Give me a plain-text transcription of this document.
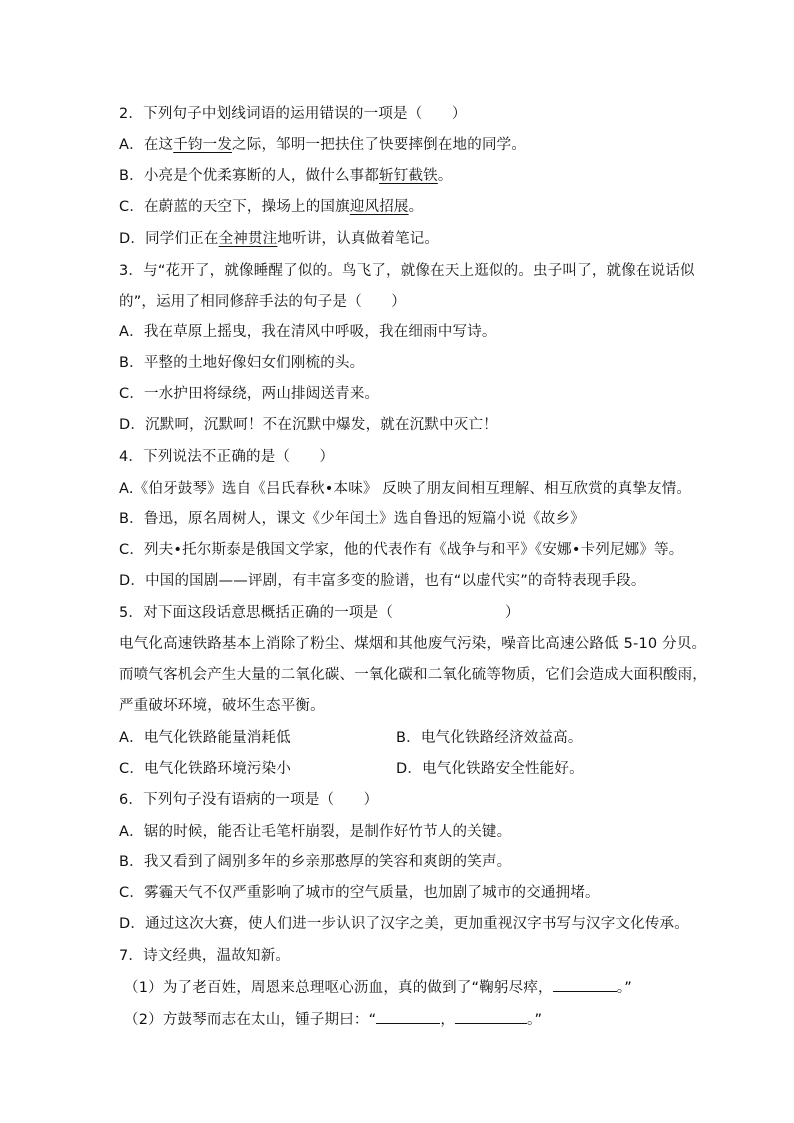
2．下列句子中划线词语的运用错误的一项是（　　）
A．在这千钧一发之际，邹明一把扶住了快要摔倒在地的同学。
B．小亮是个优柔寡断的人，做什么事都斩钉截铁。
C．在蔚蓝的天空下，操场上的国旗迎风招展。
D．同学们正在全神贯注地听讲，认真做着笔记。
3．与“花开了，就像睡醒了似的。鸟飞了，就像在天上逛似的。虫子叫了，就像在说话似
的”，运用了相同修辞手法的句子是（　　）
A．我在草原上摇曳，我在清风中呼吸，我在细雨中写诗。
B．平整的土地好像妇女们刚梳的头。
C．一水护田将绿绕，两山排闼送青来。
D．沉默呵，沉默呵！不在沉默中爆发，就在沉默中灭亡！
4．下列说法不正确的是（　　）
A.《伯牙鼓琴》选自《吕氏春秋•本味》 反映了朋友间相互理解、相互欣赏的真挚友情。
B．鲁迅，原名周树人，课文《少年闰土》选自鲁迅的短篇小说《故乡》
C．列夫•托尔斯泰是俄国文学家，他的代表作有《战争与和平》《安娜•卡列尼娜》等。
D．中国的国剧——评剧，有丰富多变的脸谱，也有“以虚代实”的奇特表现手段。
5．对下面这段话意思概括正确的一项是（	）
电气化高速铁路基本上消除了粉尘、煤烟和其他废气污染，噪音比高速公路低 5-10 分贝。
而喷气客机会产生大量的二氧化碳、一氧化碳和二氧化硫等物质，它们会造成大面积酸雨，
严重破坏环境，破坏生态平衡。
A．电气化铁路能量消耗低	B．电气化铁路经济效益高。
C．电气化铁路环境污染小	D．电气化铁路安全性能好。
6．下列句子没有语病的一项是（　　）
A．锯的时候，能否让毛笔杆崩裂，是制作好竹节人的关键。
B．我又看到了阔别多年的乡亲那憨厚的笑容和爽朗的笑声。
C．雾霾天气不仅严重影响了城市的空气质量，也加剧了城市的交通拥堵。
D．通过这次大赛，使人们进一步认识了汉字之美，更加重视汉字书写与汉字文化传承。
7．诗文经典，温故知新。
（1）为了老百姓，周恩来总理呕心沥血，真的做到了“鞠躬尽瘁，	。”
（2）方鼓琴而志在太山，锺子期曰：“	，	。”
